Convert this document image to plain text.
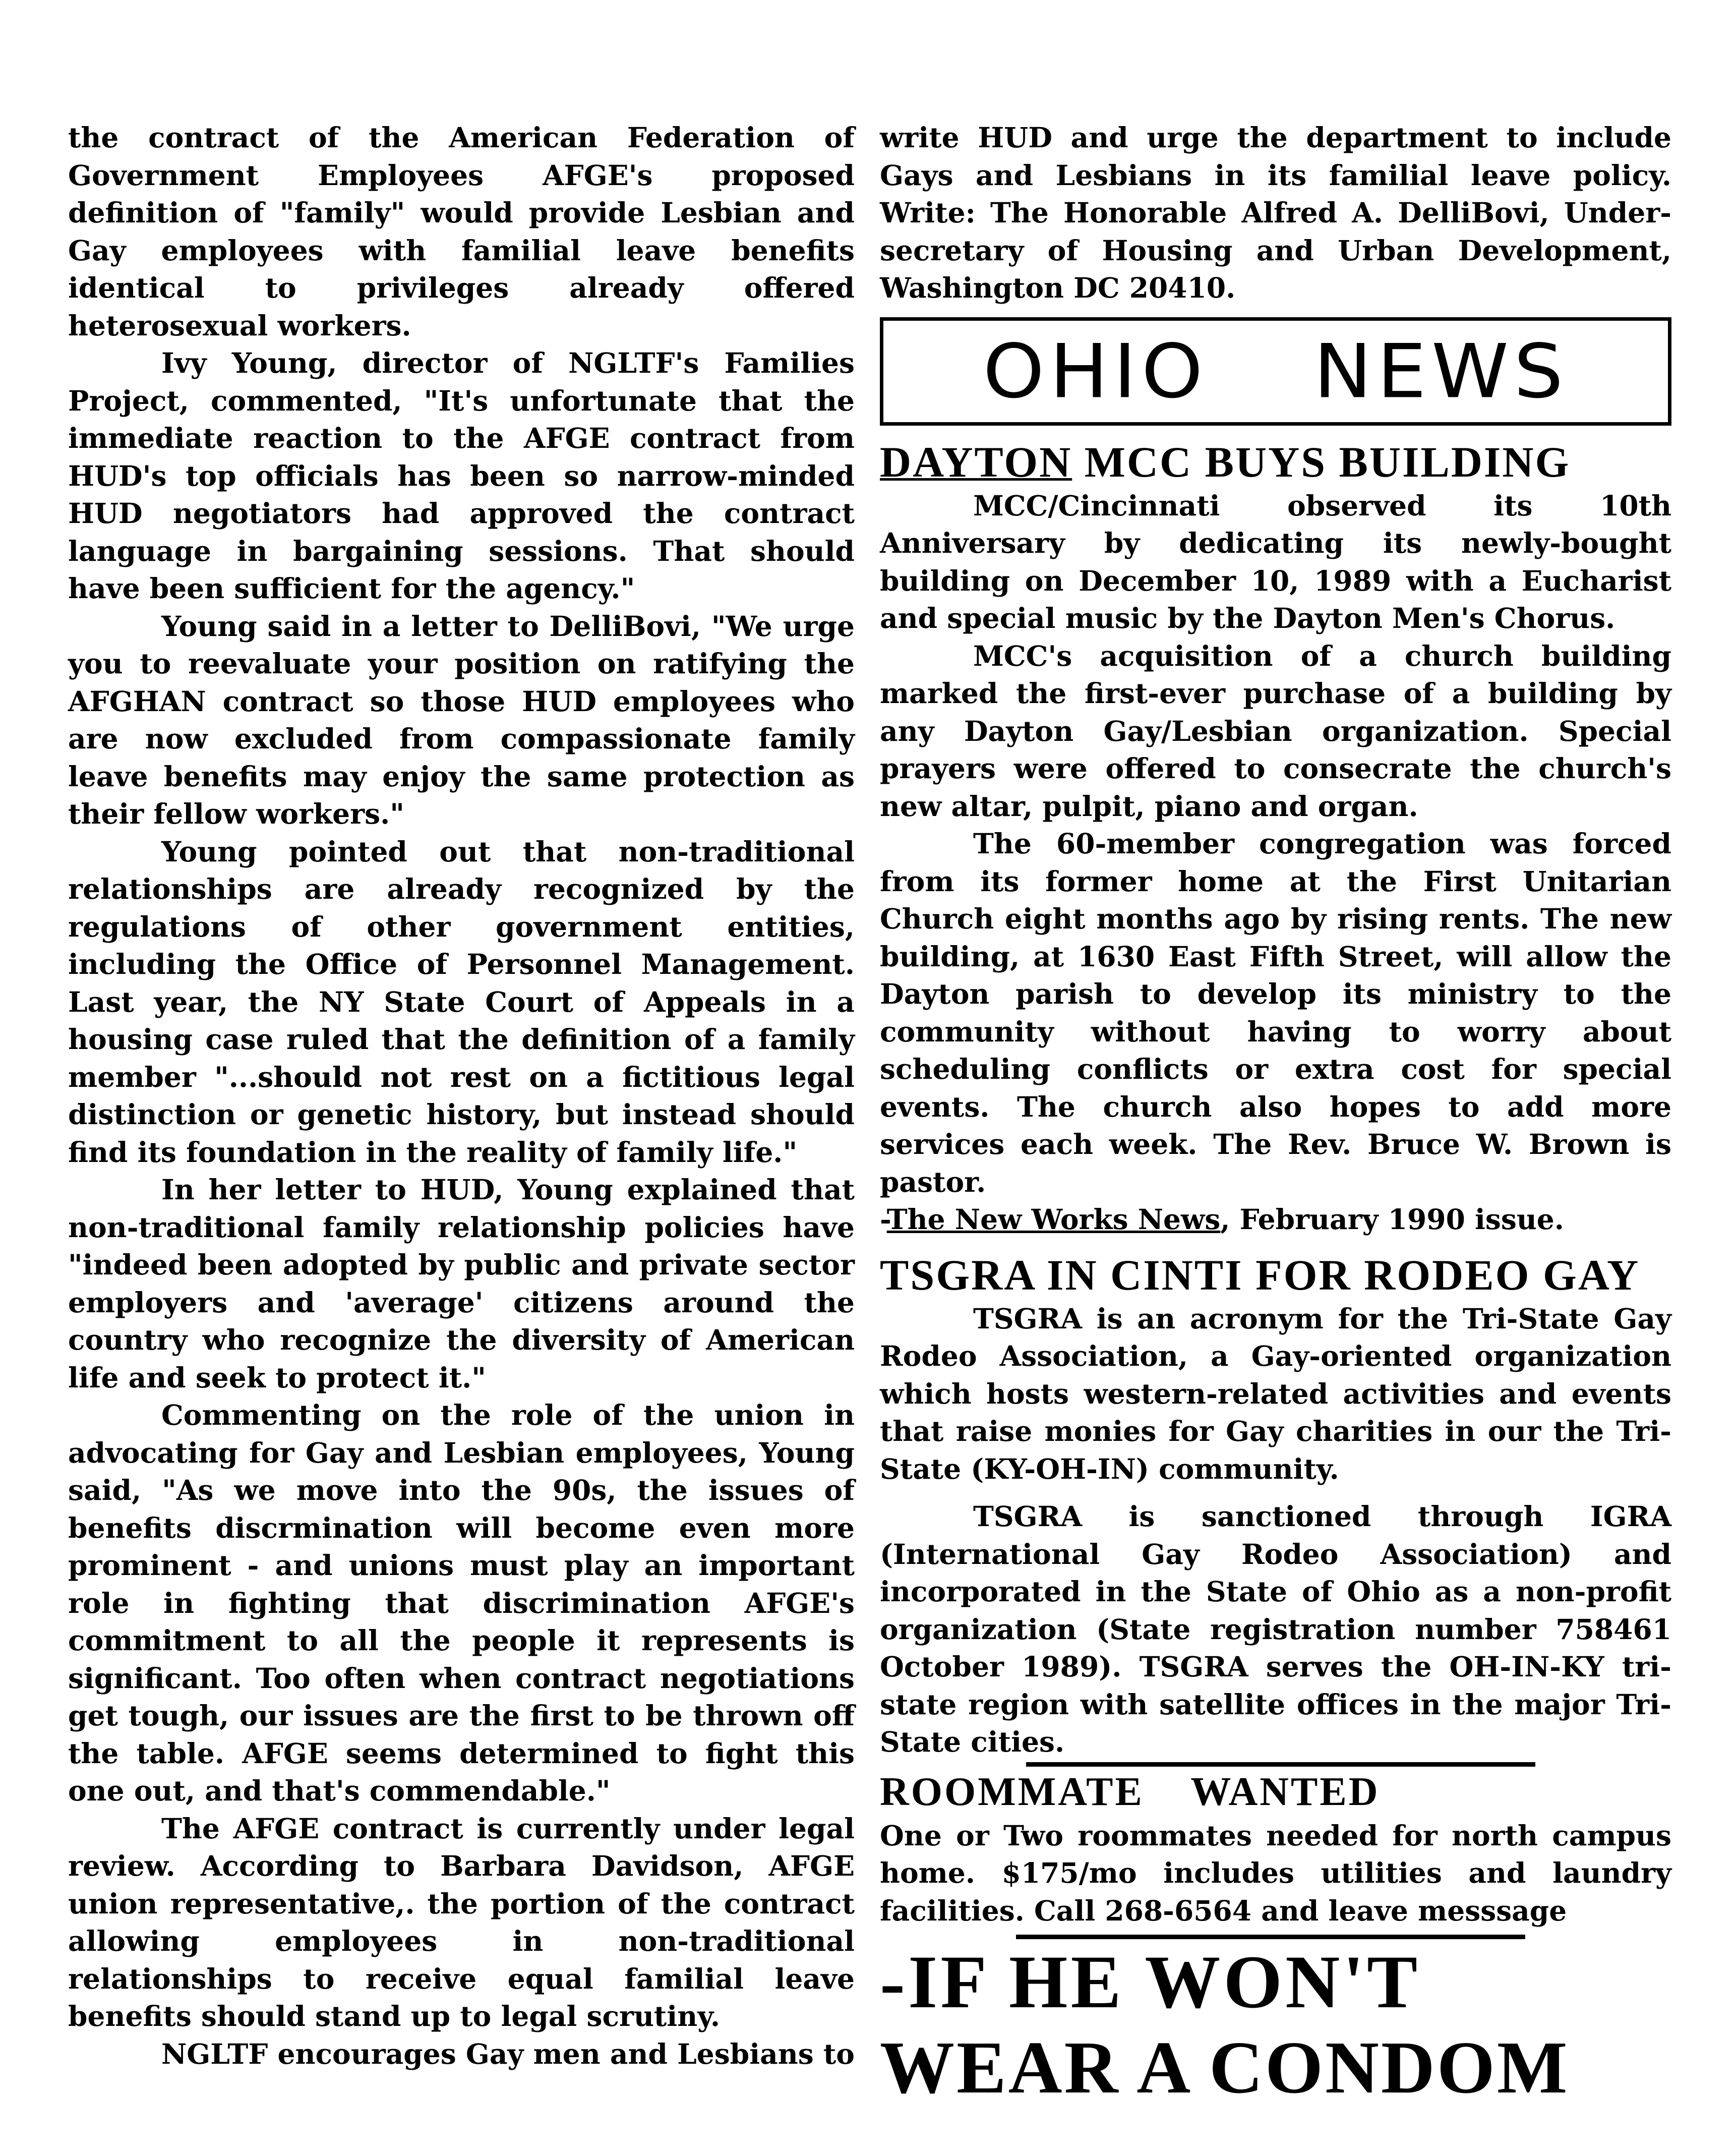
the contract of the American Federation of Government Employees AFGE's proposed definition of "family" would provide Lesbian and Gay employees with familial leave benefits identical to privileges already offered heterosexual workers.

Ivy Young, director of NGLTF's Families Project, commented, "It's unfortunate that the immediate reaction to the AFGE contract from HUD's top officials has been so narrow-minded HUD negotiators had approved the contract language in bargaining sessions. That should have been sufficient for the agency."

Young said in a letter to DelliBovi, "We urge you to reevaluate your position on ratifying the AFGHAN contract so those HUD employees who are now excluded from compassionate family leave benefits may enjoy the same protection as their fellow workers."

Young pointed out that non-traditional relationships are already recognized by the regulations of other government entities, including the Office of Personnel Management. Last year, the NY State Court of Appeals in a housing case ruled that the definition of a family member "...should not rest on a fictitious legal distinction or genetic history, but instead should find its foundation in the reality of family life."

In her letter to HUD, Young explained that non-traditional family relationship policies have "indeed been adopted by public and private sector employers and 'average' citizens around the country who recognize the diversity of American life and seek to protect it."

Commenting on the role of the union in advocating for Gay and Lesbian employees, Young said, "As we move into the 90s, the issues of benefits discrmination will become even more prominent - and unions must play an important role in fighting that discrimination AFGE's commitment to all the people it represents is significant. Too often when contract negotiations get tough, our issues are the first to be thrown off the table. AFGE seems determined to fight this one out, and that's commendable."

The AFGE contract is currently under legal review. According to Barbara Davidson, AFGE union representative,. the portion of the contract allowing employees in non-traditional relationships to receive equal familial leave benefits should stand up to legal scrutiny.

NGLTF encourages Gay men and Lesbians to

write HUD and urge the department to include Gays and Lesbians in its familial leave policy. Write: The Honorable Alfred A. DelliBovi, Under-secretary of Housing and Urban Development, Washington DC 20410.

OHIO NEWS
DAYTON MCC BUYS BUILDING

MCC/Cincinnati observed its 10th Anniversary by dedicating its newly-bought building on December 10, 1989 with a Eucharist and special music by the Dayton Men's Chorus.

MCC's acquisition of a church building marked the first-ever purchase of a building by any Dayton Gay/Lesbian organization. Special prayers were offered to consecrate the church's new altar, pulpit, piano and organ.

The 60-member congregation was forced from its former home at the First Unitarian Church eight months ago by rising rents. The new building, at 1630 East Fifth Street, will allow the Dayton parish to develop its ministry to the community without having to worry about scheduling conflicts or extra cost for special events. The church also hopes to add more services each week. The Rev. Bruce W. Brown is pastor.

-The New Works News, February 1990 issue.

TSGRA IN CINTI FOR RODEO GAY

TSGRA is an acronym for the Tri-State Gay Rodeo Association, a Gay-oriented organization which hosts western-related activities and events that raise monies for Gay charities in our the Tri-State (KY-OH-IN) community.

TSGRA is sanctioned through IGRA (International Gay Rodeo Association) and incorporated in the State of Ohio as a non-profit organization (State registration number 758461 October 1989). TSGRA serves the OH-IN-KY tri-state region with satellite offices in the major Tri-State cities.

ROOMMATE WANTED

One or Two roommates needed for north campus home. $175/mo includes utilities and laundry facilities. Call 268-6564 and leave messsage

-IF HE WON'T
WEAR A CONDOM
